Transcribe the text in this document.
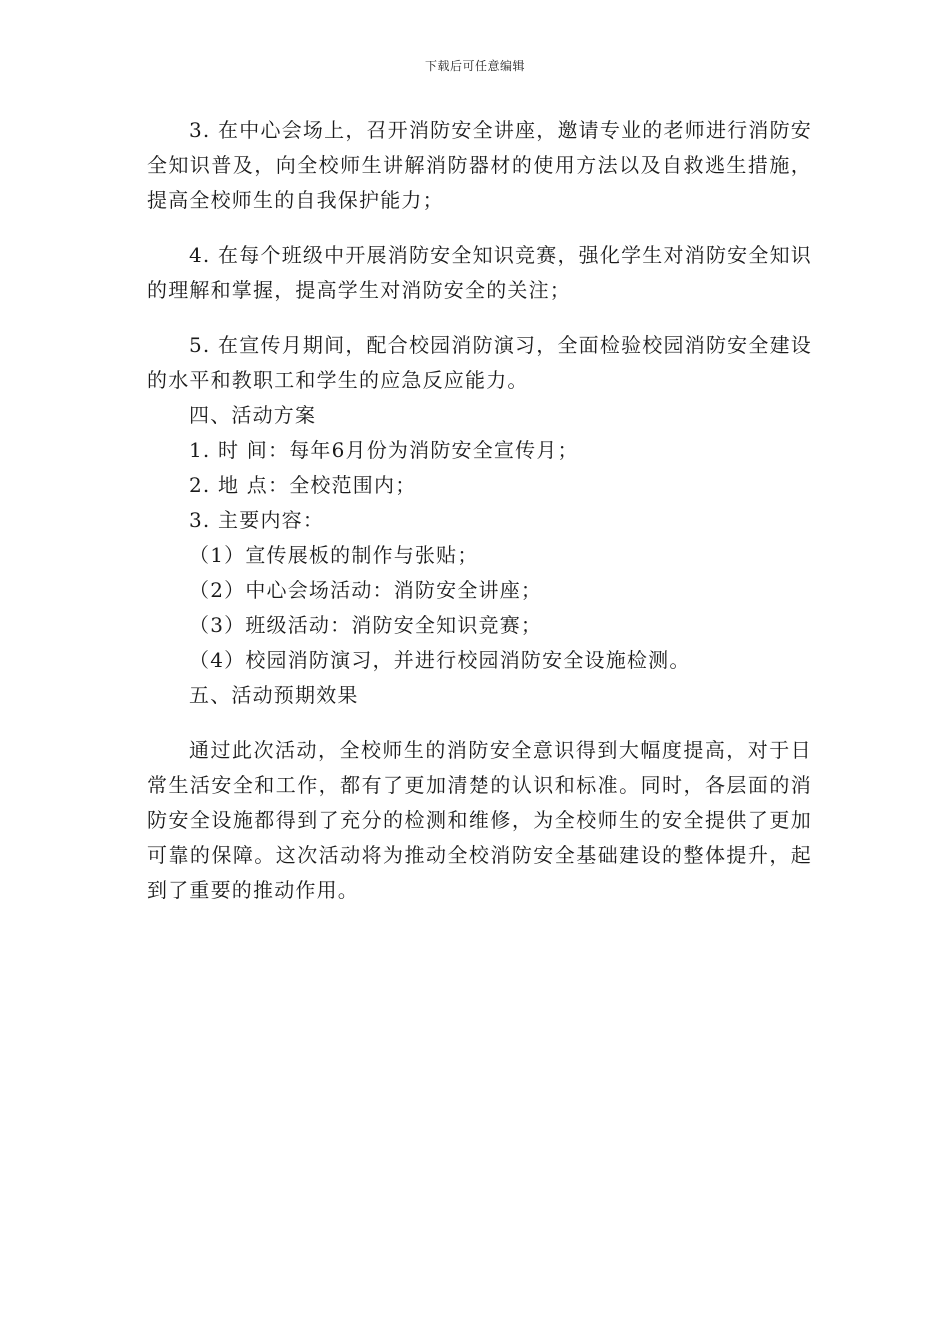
下载后可任意编辑

3. 在中心会场上，召开消防安全讲座，邀请专业的老师进行消防安全知识普及，向全校师生讲解消防器材的使用方法以及自救逃生措施，提高全校师生的自我保护能力；

4. 在每个班级中开展消防安全知识竞赛，强化学生对消防安全知识的理解和掌握，提高学生对消防安全的关注；

5. 在宣传月期间，配合校园消防演习，全面检验校园消防安全建设的水平和教职工和学生的应急反应能力。

四、活动方案

1. 时 间：每年6月份为消防安全宣传月；

2. 地 点：全校范围内；

3. 主要内容：

（1）宣传展板的制作与张贴；

（2）中心会场活动：消防安全讲座；

（3）班级活动：消防安全知识竞赛；

（4）校园消防演习，并进行校园消防安全设施检测。

五、活动预期效果

通过此次活动，全校师生的消防安全意识得到大幅度提高，对于日常生活安全和工作，都有了更加清楚的认识和标准。同时，各层面的消防安全设施都得到了充分的检测和维修，为全校师生的安全提供了更加可靠的保障。这次活动将为推动全校消防安全基础建设的整体提升，起到了重要的推动作用。
